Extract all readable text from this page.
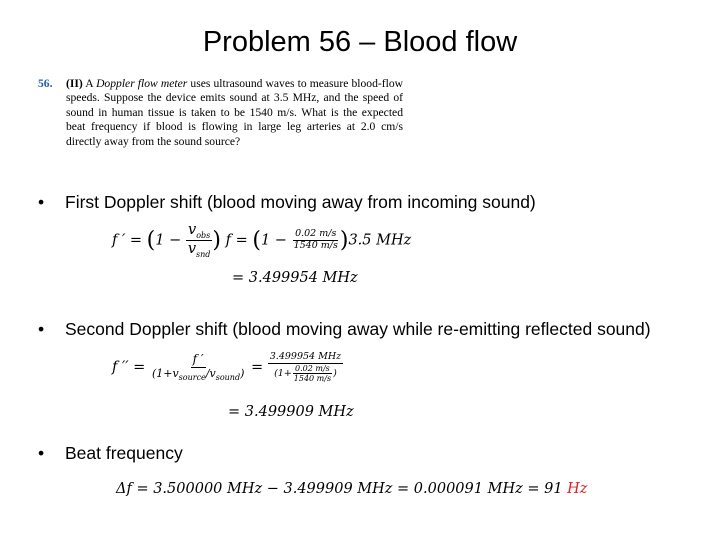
Problem 56 – Blood flow
56. (II) A Doppler flow meter uses ultrasound waves to measure blood-flow speeds. Suppose the device emits sound at 3.5 MHz, and the speed of sound in human tissue is taken to be 1540 m/s. What is the expected beat frequency if blood is flowing in large leg arteries at 2.0 cm/s directly away from the sound source?
• First Doppler shift (blood moving away from incoming sound)
f ′ = ($1 - \frac{v_{obs}}{v_{snd}}$ ) $f = (1 - \frac{0.02 m/s}{1540 m/s} )3.5$ MHz
= 3.499954 MHz
• Second Doppler shift (blood moving away while re-emitting reflected sound)
f ′′ = $\frac{f '}{(1+v_{source}/v_{sound})} = \frac{\text{3.499954 MHz}}{(1+ \frac{0.02 m/s}{1540 m/s} )}$
= 3.499909 MHz
• Beat frequency
Δf = 3.500000 MHz − 3.499909 MHz = 0.000091 MHz = 91 Hz
